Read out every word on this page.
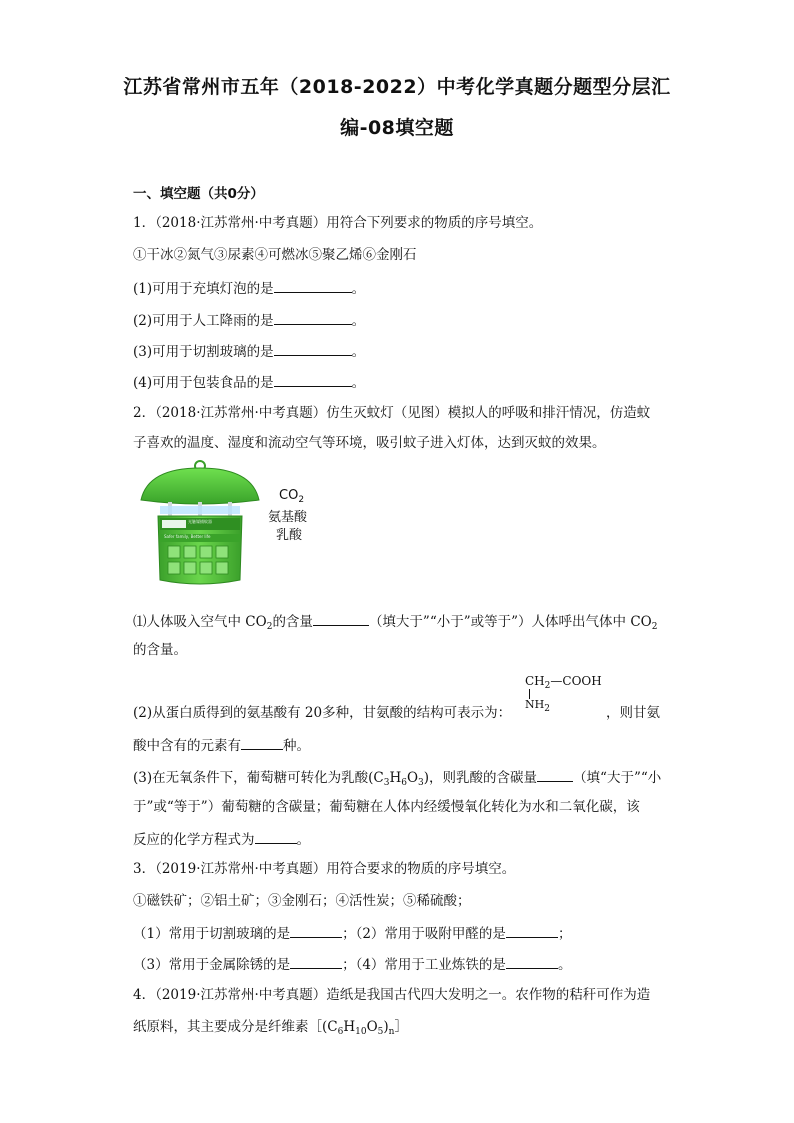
江苏省常州市五年（2018-2022）中考化学真题分题型分层汇
编-08填空题
一、填空题（共0分）
1．（2018·江苏常州·中考真题）用符合下列要求的物质的序号填空。
①干冰②氮气③尿素④可燃冰⑤聚乙烯⑥金刚石
(1)可用于充填灯泡的是	。
(2)可用于人工降雨的是	。
(3)可用于切割玻璃的是	。
(4)可用于包装食品的是	。
2．（2018·江苏常州·中考真题）仿生灭蚊灯（见图）模拟人的呼吸和排汗情况，仿造蚊
子喜欢的温度、湿度和流动空气等环境，吸引蚊子进入灯体，达到灭蚊的效果。
光触媒捕蚊器
Safer family, Better life
$CO_2$
氨基酸
乳酸
⑴人体吸入空气中 $CO_2$的含量	（填大于”“小于”或等于”）人体呼出气体中 $CO_2$
的含量。
$CH_2—COOH$
$NH_2$
(2)从蛋白质得到的氨基酸有 20多种，甘氨酸的结构可表示为：	，则甘氨
酸中含有的元素有	种。
(3)在无氧条件下，葡萄糖可转化为乳酸$(C_3H_6O_3)$，则乳酸的含碳量	（填“大于”“小
于”或“等于”）葡萄糖的含碳量；葡萄糖在人体内经缓慢氧化转化为水和二氧化碳，该
反应的化学方程式为	。
3．（2019·江苏常州·中考真题）用符合要求的物质的序号填空。
①磁铁矿；②铝土矿；③金刚石；④活性炭；⑤稀硫酸；
（1）常用于切割玻璃的是	；（2）常用于吸附甲醛的是	；
（3）常用于金属除锈的是	；（4）常用于工业炼铁的是	。
4．（2019·江苏常州·中考真题）造纸是我国古代四大发明之一。农作物的秸秆可作为造
纸原料，其主要成分是纤维素$[(C_6H_{10}O_5)_n]$
